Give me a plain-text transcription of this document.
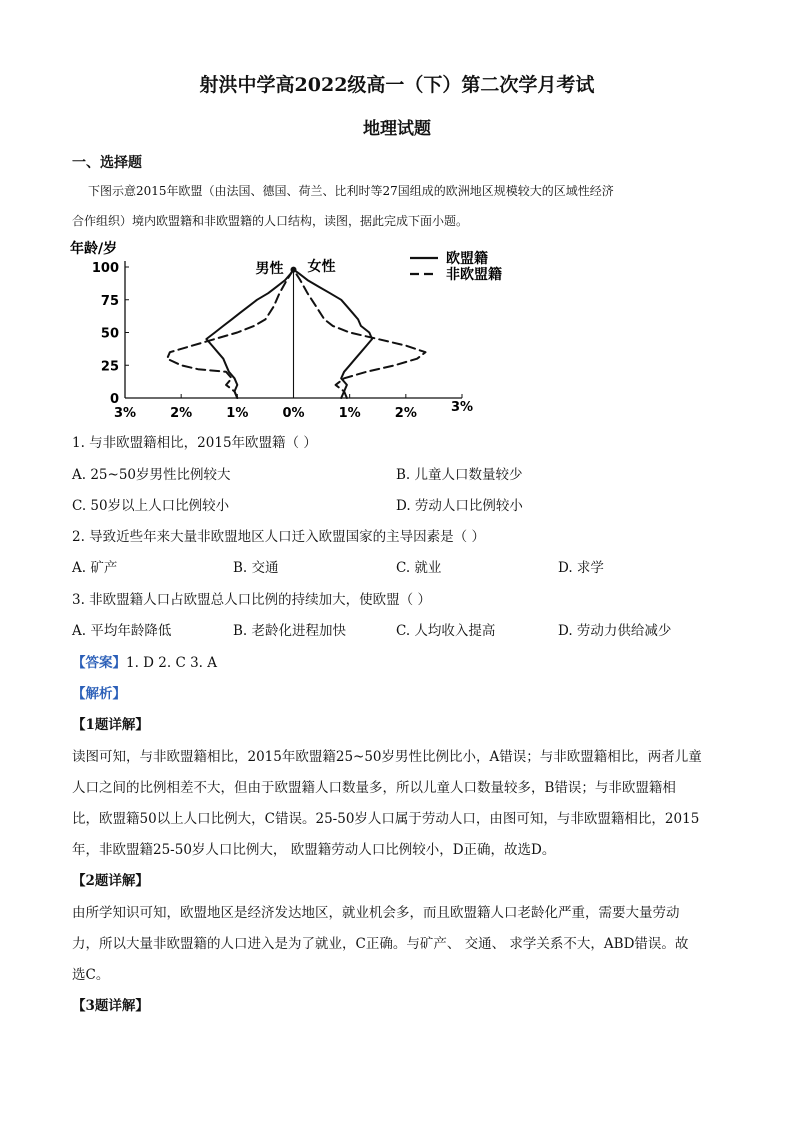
射洪中学高2022级高一（下）第二次学月考试
地理试题
一、选择题
下图示意2015年欧盟（由法国、德国、荷兰、比利时等27国组成的欧洲地区规模较大的区域性经济
合作组织）境内欧盟籍和非欧盟籍的人口结构，读图，据此完成下面小题。
年龄/岁
0
25
50
75
100
3%	2%	1%	0%	1%	2%	3%
男性 女性	欧盟籍
非欧盟籍
1. 与非欧盟籍相比，2015年欧盟籍（ ）
A. 25~50岁男性比例较大	B. 儿童人口数量较少
C. 50岁以上人口比例较小	D. 劳动人口比例较小
2. 导致近些年来大量非欧盟地区人口迁入欧盟国家的主导因素是（ ）
A. 矿产	B. 交通	C. 就业	D. 求学
3. 非欧盟籍人口占欧盟总人口比例的持续加大，使欧盟（ ）
A. 平均年龄降低	B. 老龄化进程加快	C. 人均收入提高	D. 劳动力供给减少
【答案】1. D 2. C 3. A
【解析】
【1题详解】
读图可知，与非欧盟籍相比，2015年欧盟籍25~50岁男性比例比小，A错误；与非欧盟籍相比，两者儿童
人口之间的比例相差不大，但由于欧盟籍人口数量多，所以儿童人口数量较多，B错误；与非欧盟籍相
比，欧盟籍50以上人口比例大，C错误。25-50岁人口属于劳动人口，由图可知，与非欧盟籍相比，2015
年，非欧盟籍25-50岁人口比例大， 欧盟籍劳动人口比例较小，D正确，故选D。
【2题详解】
由所学知识可知，欧盟地区是经济发达地区，就业机会多，而且欧盟籍人口老龄化严重，需要大量劳动
力，所以大量非欧盟籍的人口进入是为了就业，C正确。与矿产、 交通、 求学关系不大，ABD错误。故
选C。
【3题详解】
